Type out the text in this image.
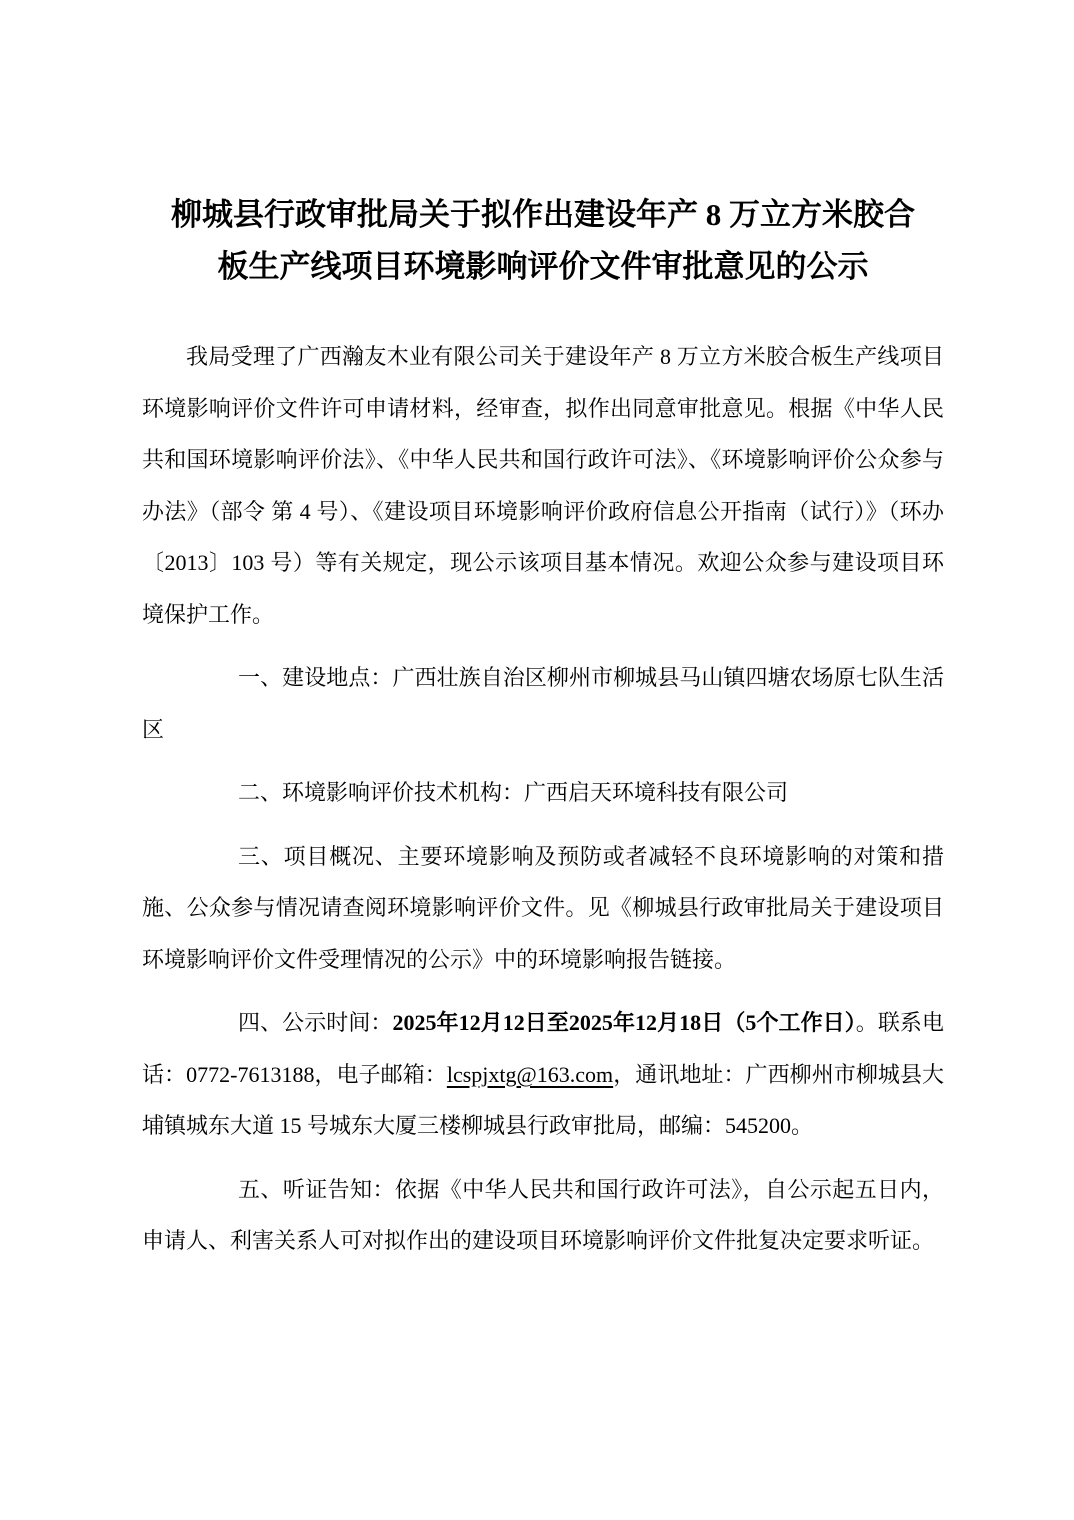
柳城县行政审批局关于拟作出建设年产 8 万立方米胶合
板生产线项目环境影响评价文件审批意见的公示

我局受理了广西瀚友木业有限公司关于建设年产 8 万立方米胶合板生产线项目环境影响评价文件许可申请材料，经审查，拟作出同意审批意见。根据《中华人民共和国环境影响评价法》、《中华人民共和国行政许可法》、《环境影响评价公众参与办法》（部令 第 4 号）、《建设项目环境影响评价政府信息公开指南（试行）》（环办〔2013〕103 号）等有关规定，现公示该项目基本情况。欢迎公众参与建设项目环境保护工作。

一、建设地点：广西壮族自治区柳州市柳城县马山镇四塘农场原七队生活区

二、环境影响评价技术机构：广西启天环境科技有限公司

三、项目概况、主要环境影响及预防或者减轻不良环境影响的对策和措施、公众参与情况请查阅环境影响评价文件。见《柳城县行政审批局关于建设项目环境影响评价文件受理情况的公示》中的环境影响报告链接。

四、公示时间：2025年12月12日至2025年12月18日（5个工作日）。联系电话：0772-7613188，电子邮箱：lcspjxtg@163.com，通讯地址：广西柳州市柳城县大埔镇城东大道 15 号城东大厦三楼柳城县行政审批局，邮编：545200。

五、听证告知：依据《中华人民共和国行政许可法》，自公示起五日内，申请人、利害关系人可对拟作出的建设项目环境影响评价文件批复决定要求听证。
